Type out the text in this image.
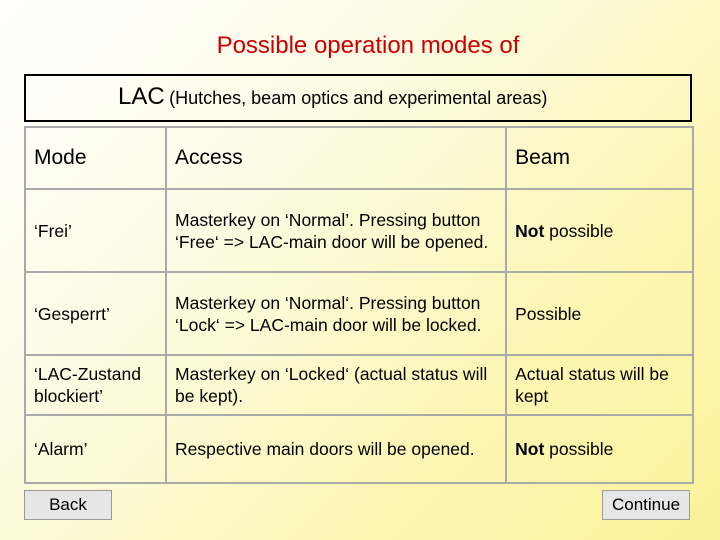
Possible operation modes of
LAC (Hutches, beam optics and experimental areas)
Mode	Access	Beam
‘Frei’	Masterkey on ‘Normal’. Pressing button ‘Free‘ => LAC-main door will be opened.	Not possible
‘Gesperrt’	Masterkey on ‘Normal‘. Pressing button ‘Lock‘ => LAC-main door will be locked.	Possible
‘LAC-Zustand blockiert’	Masterkey on ‘Locked‘ (actual status will be kept).	Actual status will be kept
‘Alarm’	Respective main doors will be opened.	Not possible
Back	Continue
